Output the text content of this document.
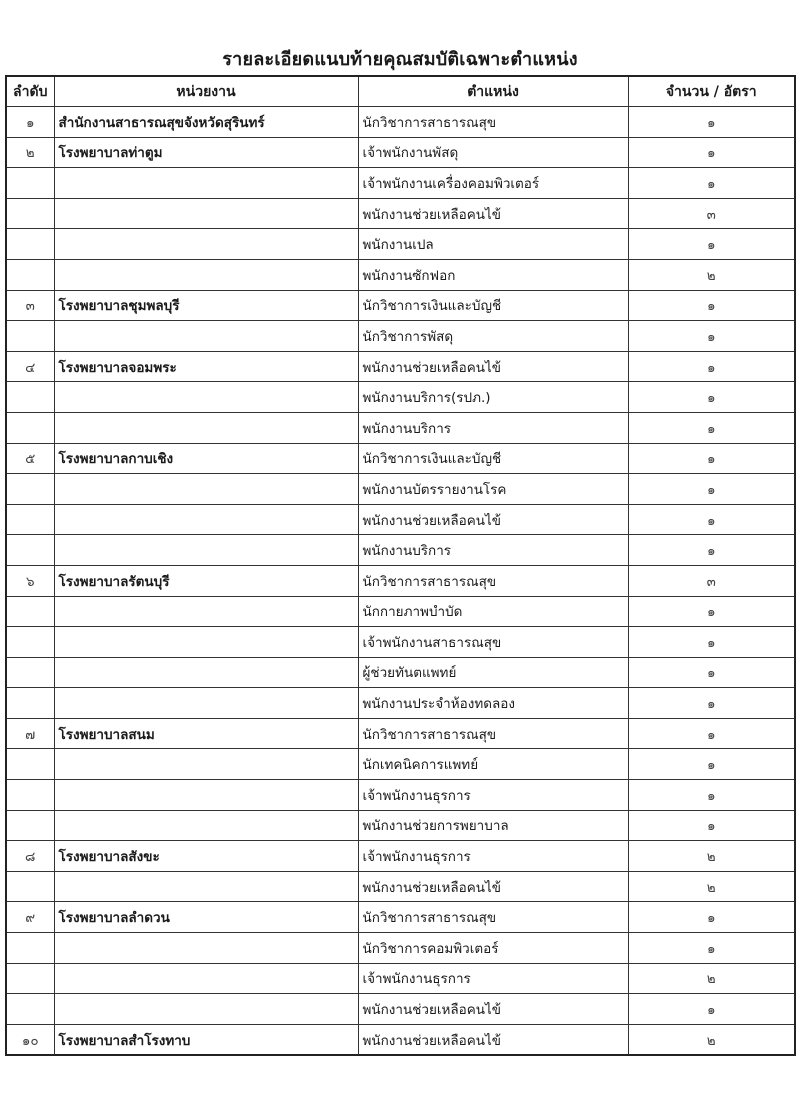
รายละเอียดแนบท้ายคุณสมบัติเฉพาะตำแหน่ง
ลำดับ	หน่วยงาน	ตำแหน่ง	จำนวน / อัตรา
๑	สำนักงานสาธารณสุขจังหวัดสุรินทร์	นักวิชาการสาธารณสุข	๑
๒	โรงพยาบาลท่าตูม	เจ้าพนักงานพัสดุ	๑
		เจ้าพนักงานเครื่องคอมพิวเตอร์	๑
		พนักงานช่วยเหลือคนไข้	๓
		พนักงานเปล	๑
		พนักงานซักฟอก	๒
๓	โรงพยาบาลชุมพลบุรี	นักวิชาการเงินและบัญชี	๑
		นักวิชาการพัสดุ	๑
๔	โรงพยาบาลจอมพระ	พนักงานช่วยเหลือคนไข้	๑
		พนักงานบริการ(รปภ.)	๑
		พนักงานบริการ	๑
๕	โรงพยาบาลกาบเชิง	นักวิชาการเงินและบัญชี	๑
		พนักงานบัตรรายงานโรค	๑
		พนักงานช่วยเหลือคนไข้	๑
		พนักงานบริการ	๑
๖	โรงพยาบาลรัตนบุรี	นักวิชาการสาธารณสุข	๓
		นักกายภาพบำบัด	๑
		เจ้าพนักงานสาธารณสุข	๑
		ผู้ช่วยทันตแพทย์	๑
		พนักงานประจำห้องทดลอง	๑
๗	โรงพยาบาลสนม	นักวิชาการสาธารณสุข	๑
		นักเทคนิคการแพทย์	๑
		เจ้าพนักงานธุรการ	๑
		พนักงานช่วยการพยาบาล	๑
๘	โรงพยาบาลสังขะ	เจ้าพนักงานธุรการ	๒
		พนักงานช่วยเหลือคนไข้	๒
๙	โรงพยาบาลลำดวน	นักวิชาการสาธารณสุข	๑
		นักวิชาการคอมพิวเตอร์	๑
		เจ้าพนักงานธุรการ	๒
		พนักงานช่วยเหลือคนไข้	๑
๑๐	โรงพยาบาลสำโรงทาบ	พนักงานช่วยเหลือคนไข้	๒
